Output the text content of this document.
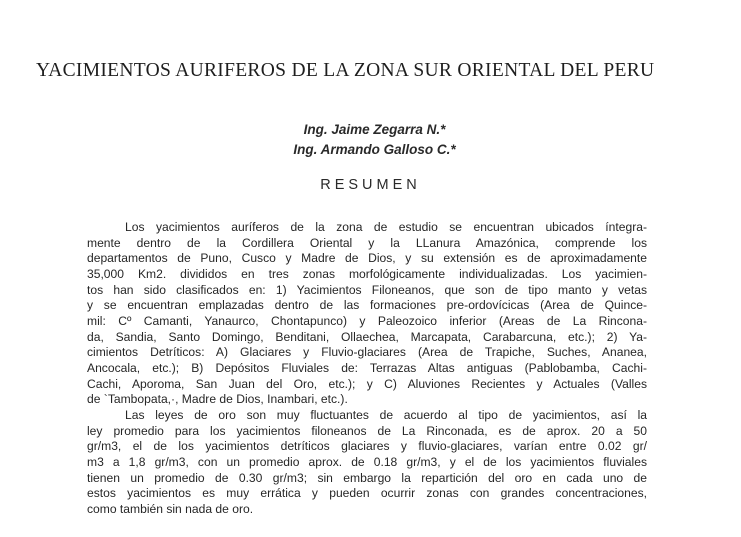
YACIMIENTOS AURIFEROS DE LA ZONA SUR ORIENTAL DEL PERU
Ing. Jaime Zegarra N.*
Ing. Armando Galloso C.*
RESUMEN
Los yacimientos auríferos de la zona de estudio se encuentran ubicados íntegra-
mente dentro de la Cordillera Oriental y la LLanura Amazónica, comprende los
departamentos de Puno, Cusco y Madre de Dios, y su extensión es de aproximadamente
35,000 Km2. divididos en tres zonas morfológicamente individualizadas. Los yacimien-
tos han sido clasificados en: 1) Yacimientos Filoneanos, que son de tipo manto y vetas
y se encuentran emplazadas dentro de las formaciones pre-ordovícicas (Area de Quince-
mil: Cº Camanti, Yanaurco, Chontapunco) y Paleozoico inferior (Areas de La Rincona-
da, Sandia, Santo Domingo, Benditani, Ollaechea, Marcapata, Carabarcuna, etc.); 2) Ya-
cimientos Detríticos: A) Glaciares y Fluvio-glaciares (Area de Trapiche, Suches, Ananea,
Ancocala, etc.); B) Depósitos Fluviales de: Terrazas Altas antiguas (Pablobamba, Cachi-
Cachi, Aporoma, San Juan del Oro, etc.); y C) Aluviones Recientes y Actuales (Valles
de `Tambopata,·, Madre de Dios, Inambari, etc.).
Las leyes de oro son muy fluctuantes de acuerdo al tipo de yacimientos, así la
ley promedio para los yacimientos filoneanos de La Rinconada, es de aprox. 20 a 50
gr/m3, el de los yacimientos detríticos glaciares y fluvio-glaciares, varían entre 0.02 gr/
m3 a 1,8 gr/m3, con un promedio aprox. de 0.18 gr/m3, y el de los yacimientos fluviales
tienen un promedio de 0.30 gr/m3; sin embargo la repartición del oro en cada uno de
estos yacimientos es muy errática y pueden ocurrir zonas con grandes concentraciones,
como también sin nada de oro.
